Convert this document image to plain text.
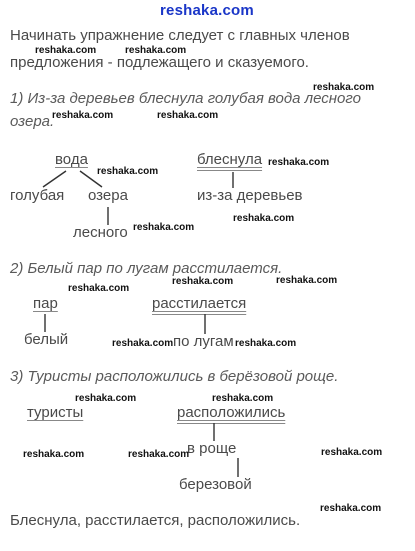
reshaka.com
Начинать упражнение следует с главных членов
предложения - подлежащего и сказуемого.
1) Из-за деревьев блеснула голубая вода лесного
озера.
вода	блеснула
голубая озера	из-за деревьев
лесного
2) Белый пар по лугам расстилается.
пар	расстилается
белый	по лугам
3) Туристы расположились в берёзовой роще.
туристы	расположились
в роще
березовой
Блеснула, расстилается, расположились.
reshaka.com	reshaka.com
reshaka.com
reshaka.com	reshaka.com
reshaka.com
reshaka.com
reshaka.com
reshaka.com
reshaka.com	reshaka.com
reshaka.com
reshaka.com	reshaka.com
reshaka.com	reshaka.com
reshaka.com	reshaka.com	reshaka.com
reshaka.com
